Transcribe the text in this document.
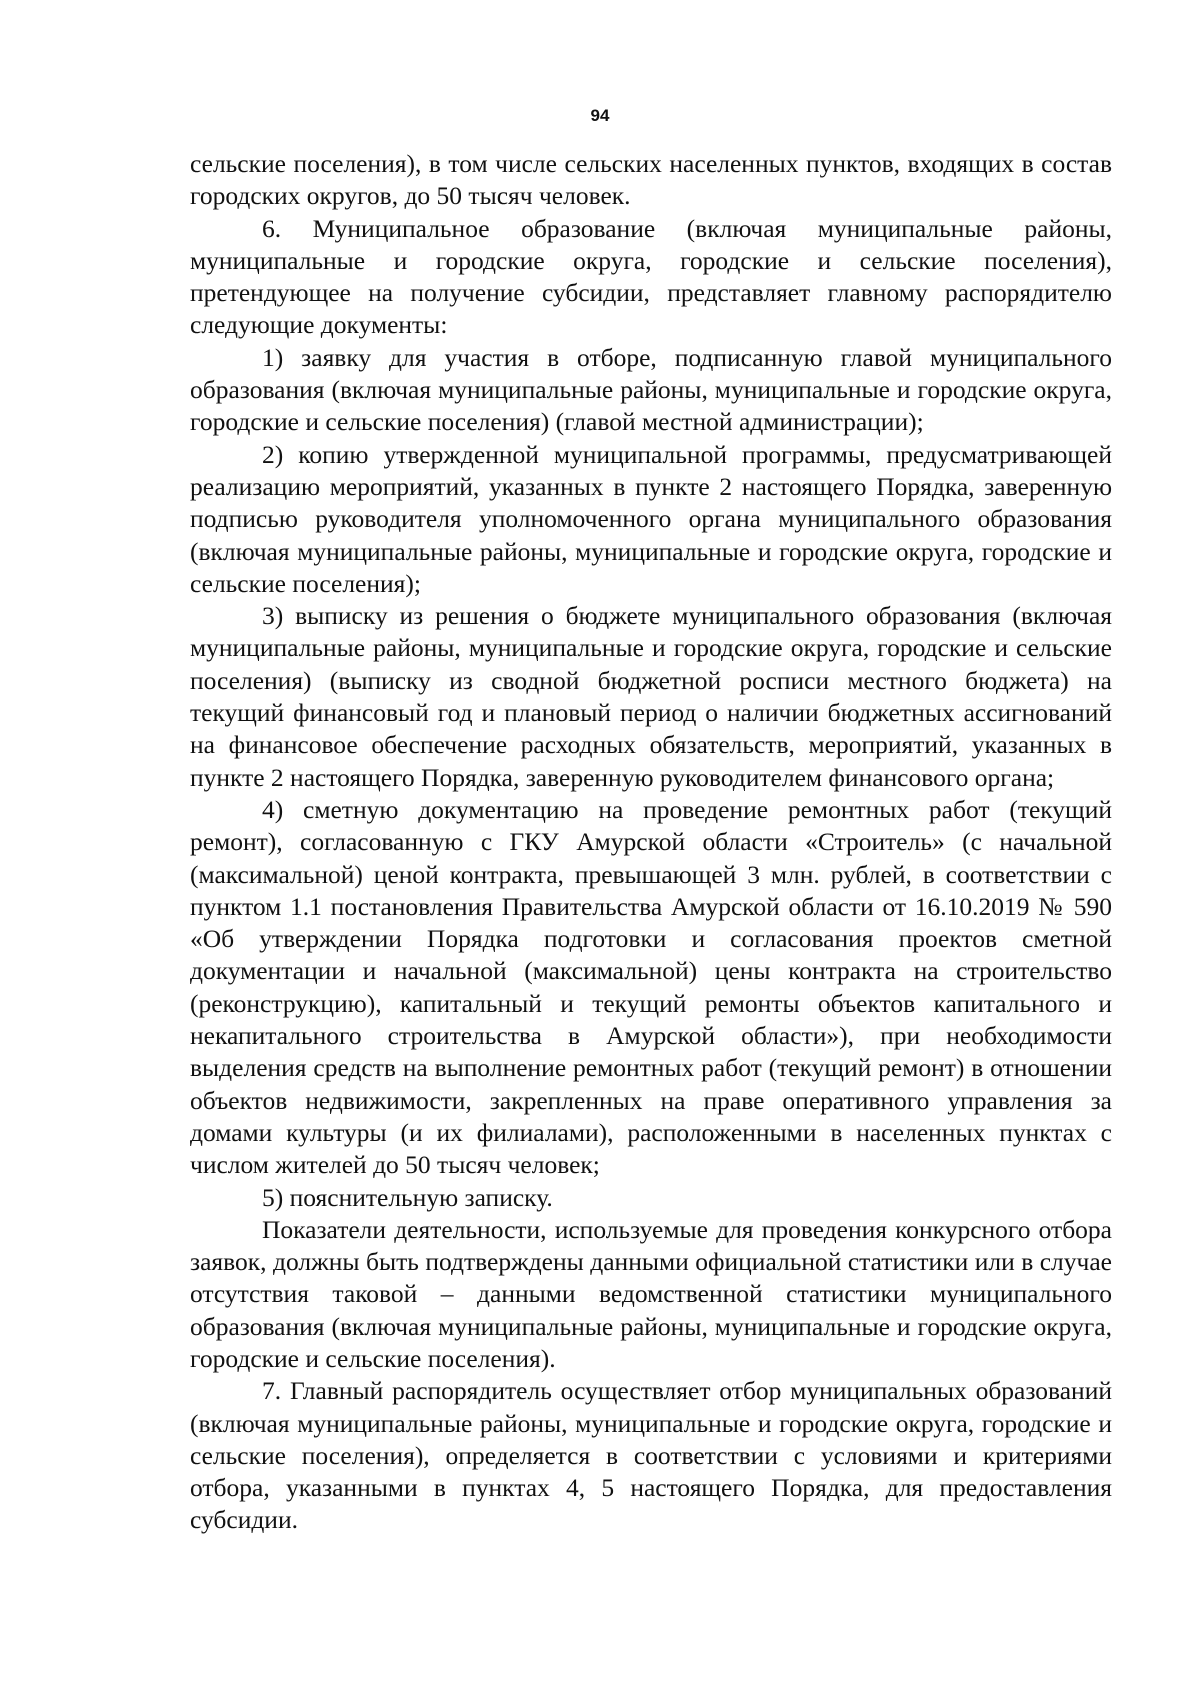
94

сельские поселения), в том числе сельских населенных пунктов, входящих в состав городских округов, до 50 тысяч человек.

6. Муниципальное образование (включая муниципальные районы, муниципальные и городские округа, городские и сельские поселения), претендующее на получение субсидии, представляет главному распорядителю следующие документы:

1) заявку для участия в отборе, подписанную главой муниципального образования (включая муниципальные районы, муниципальные и городские округа, городские и сельские поселения) (главой местной администрации);

2) копию утвержденной муниципальной программы, предусматривающей реализацию мероприятий, указанных в пункте 2 настоящего Порядка, заверенную подписью руководителя уполномоченного органа муниципального образования (включая муниципальные районы, муниципальные и городские округа, городские и сельские поселения);

3) выписку из решения о бюджете муниципального образования (включая муниципальные районы, муниципальные и городские округа, городские и сельские поселения) (выписку из сводной бюджетной росписи местного бюджета) на текущий финансовый год и плановый период о наличии бюджетных ассигнований на финансовое обеспечение расходных обязательств, мероприятий, указанных в пункте 2 настоящего Порядка, заверенную руководителем финансового органа;

4) сметную документацию на проведение ремонтных работ (текущий ремонт), согласованную с ГКУ Амурской области «Строитель» (с начальной (максимальной) ценой контракта, превышающей 3 млн. рублей, в соответствии с пунктом 1.1 постановления Правительства Амурской области от 16.10.2019 № 590 «Об утверждении Порядка подготовки и согласования проектов сметной документации и начальной (максимальной) цены контракта на строительство (реконструкцию), капитальный и текущий ремонты объектов капитального и некапитального строительства в Амурской области»), при необходимости выделения средств на выполнение ремонтных работ (текущий ремонт) в отношении объектов недвижимости, закрепленных на праве оперативного управления за домами культуры (и их филиалами), расположенными в населенных пунктах с числом жителей до 50 тысяч человек;

5) пояснительную записку.

Показатели деятельности, используемые для проведения конкурсного отбора заявок, должны быть подтверждены данными официальной статистики или в случае отсутствия таковой – данными ведомственной статистики муниципального образования (включая муниципальные районы, муниципальные и городские округа, городские и сельские поселения).

7. Главный распорядитель осуществляет отбор муниципальных образований (включая муниципальные районы, муниципальные и городские округа, городские и сельские поселения), определяется в соответствии с условиями и критериями отбора, указанными в пунктах 4, 5 настоящего Порядка, для предоставления субсидии.
